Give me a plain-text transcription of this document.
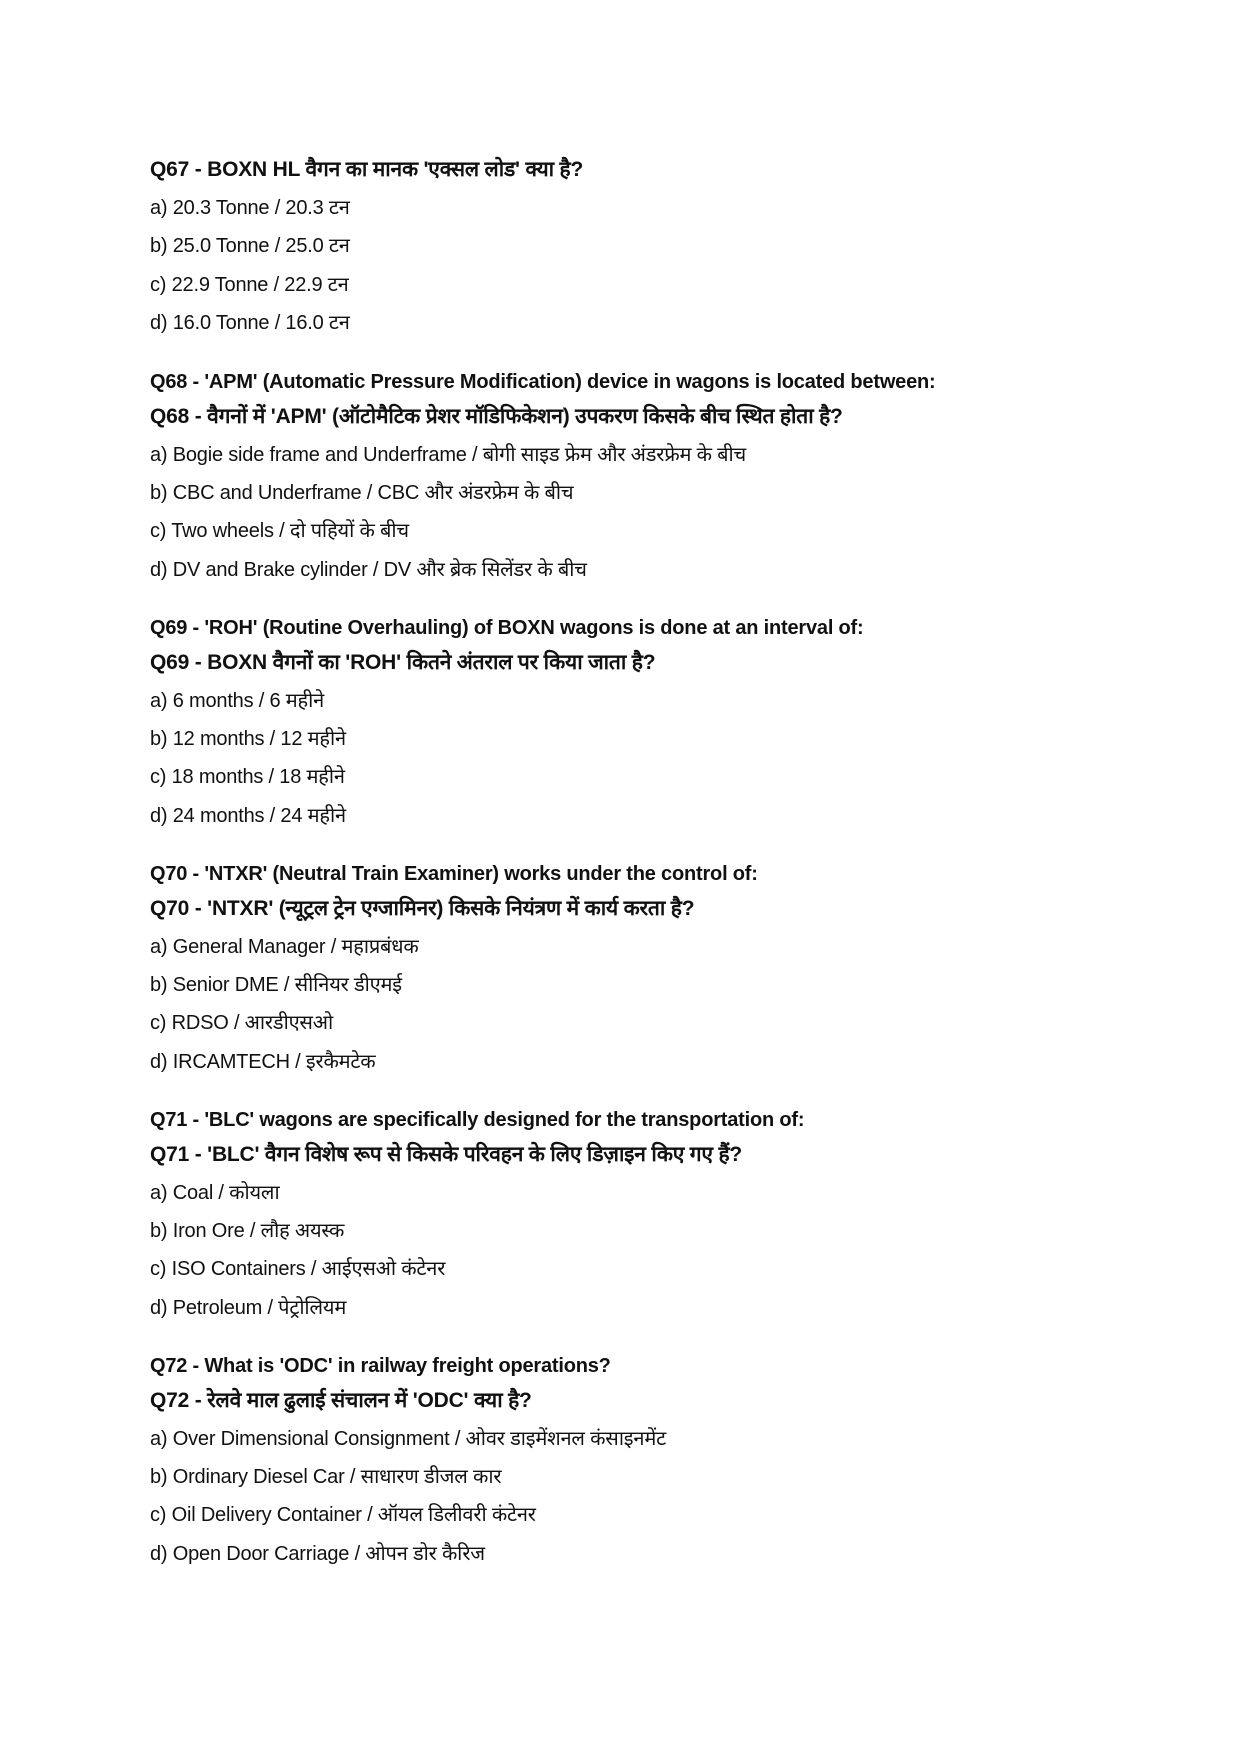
Q67 - BOXN HL वैगन का मानक 'एक्सल लोड' क्या है?
a) 20.3 Tonne / 20.3 टन
b) 25.0 Tonne / 25.0 टन
c) 22.9 Tonne / 22.9 टन
d) 16.0 Tonne / 16.0 टन
Q68 - 'APM' (Automatic Pressure Modification) device in wagons is located between:
Q68 - वैगनों में 'APM' (ऑटोमैटिक प्रेशर मॉडिफिकेशन) उपकरण किसके बीच स्थित होता है?
a) Bogie side frame and Underframe / बोगी साइड फ्रेम और अंडरफ्रेम के बीच
b) CBC and Underframe / CBC और अंडरफ्रेम के बीच
c) Two wheels / दो पहियों के बीच
d) DV and Brake cylinder / DV और ब्रेक सिलेंडर के बीच
Q69 - 'ROH' (Routine Overhauling) of BOXN wagons is done at an interval of:
Q69 - BOXN वैगनों का 'ROH' कितने अंतराल पर किया जाता है?
a) 6 months / 6 महीने
b) 12 months / 12 महीने
c) 18 months / 18 महीने
d) 24 months / 24 महीने
Q70 - 'NTXR' (Neutral Train Examiner) works under the control of:
Q70 - 'NTXR' (न्यूट्रल ट्रेन एग्जामिनर) किसके नियंत्रण में कार्य करता है?
a) General Manager / महाप्रबंधक
b) Senior DME / सीनियर डीएमई
c) RDSO / आरडीएसओ
d) IRCAMTECH / इरकैमटेक
Q71 - 'BLC' wagons are specifically designed for the transportation of:
Q71 - 'BLC' वैगन विशेष रूप से किसके परिवहन के लिए डिज़ाइन किए गए हैं?
a) Coal / कोयला
b) Iron Ore / लौह अयस्क
c) ISO Containers / आईएसओ कंटेनर
d) Petroleum / पेट्रोलियम
Q72 - What is 'ODC' in railway freight operations?
Q72 - रेलवे माल ढुलाई संचालन में 'ODC' क्या है?
a) Over Dimensional Consignment / ओवर डाइमेंशनल कंसाइनमेंट
b) Ordinary Diesel Car / साधारण डीजल कार
c) Oil Delivery Container / ऑयल डिलीवरी कंटेनर
d) Open Door Carriage / ओपन डोर कैरिज
